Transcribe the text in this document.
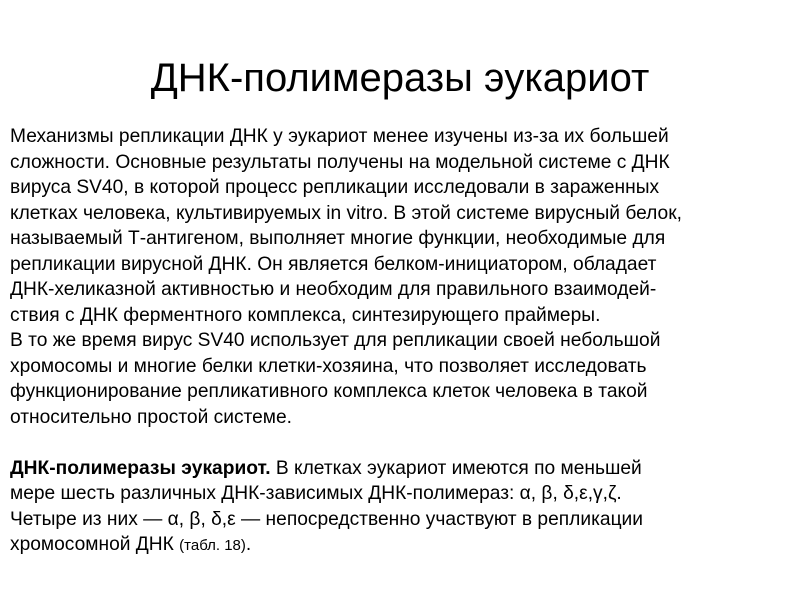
ДНК-полимеразы эукариот
Механизмы репликации ДНК у эукариот менее изучены из-за их большей
сложности. Основные результаты получены на модельной системе с ДНК
вируса SV40, в которой процесс репликации исследовали в зараженных
клетках человека, культивируемых in vitro. В этой системе вирусный белок,
называемый Т-антигеном, выполняет многие функции, необходимые для
репликации вирусной ДНК. Он является белком-инициатором, обладает
ДНК-хеликазной активностью и необходим для правильного взаимодей-
ствия с ДНК ферментного комплекса, синтезирующего праймеры.
В то же время вирус SV40 использует для репликации своей небольшой
хромосомы и многие белки клетки-хозяина, что позволяет исследовать
функционирование репликативного комплекса клеток человека в такой
относительно простой системе.
ДНК-полимеразы эукариот. В клетках эукариот имеются по меньшей
мере шесть различных ДНК-зависимых ДНК-полимераз: α, β, δ,ε,γ,ζ.
Четыре из них — α, β, δ,ε — непосредственно участвуют в репликации
хромосомной ДНК (табл. 18).
